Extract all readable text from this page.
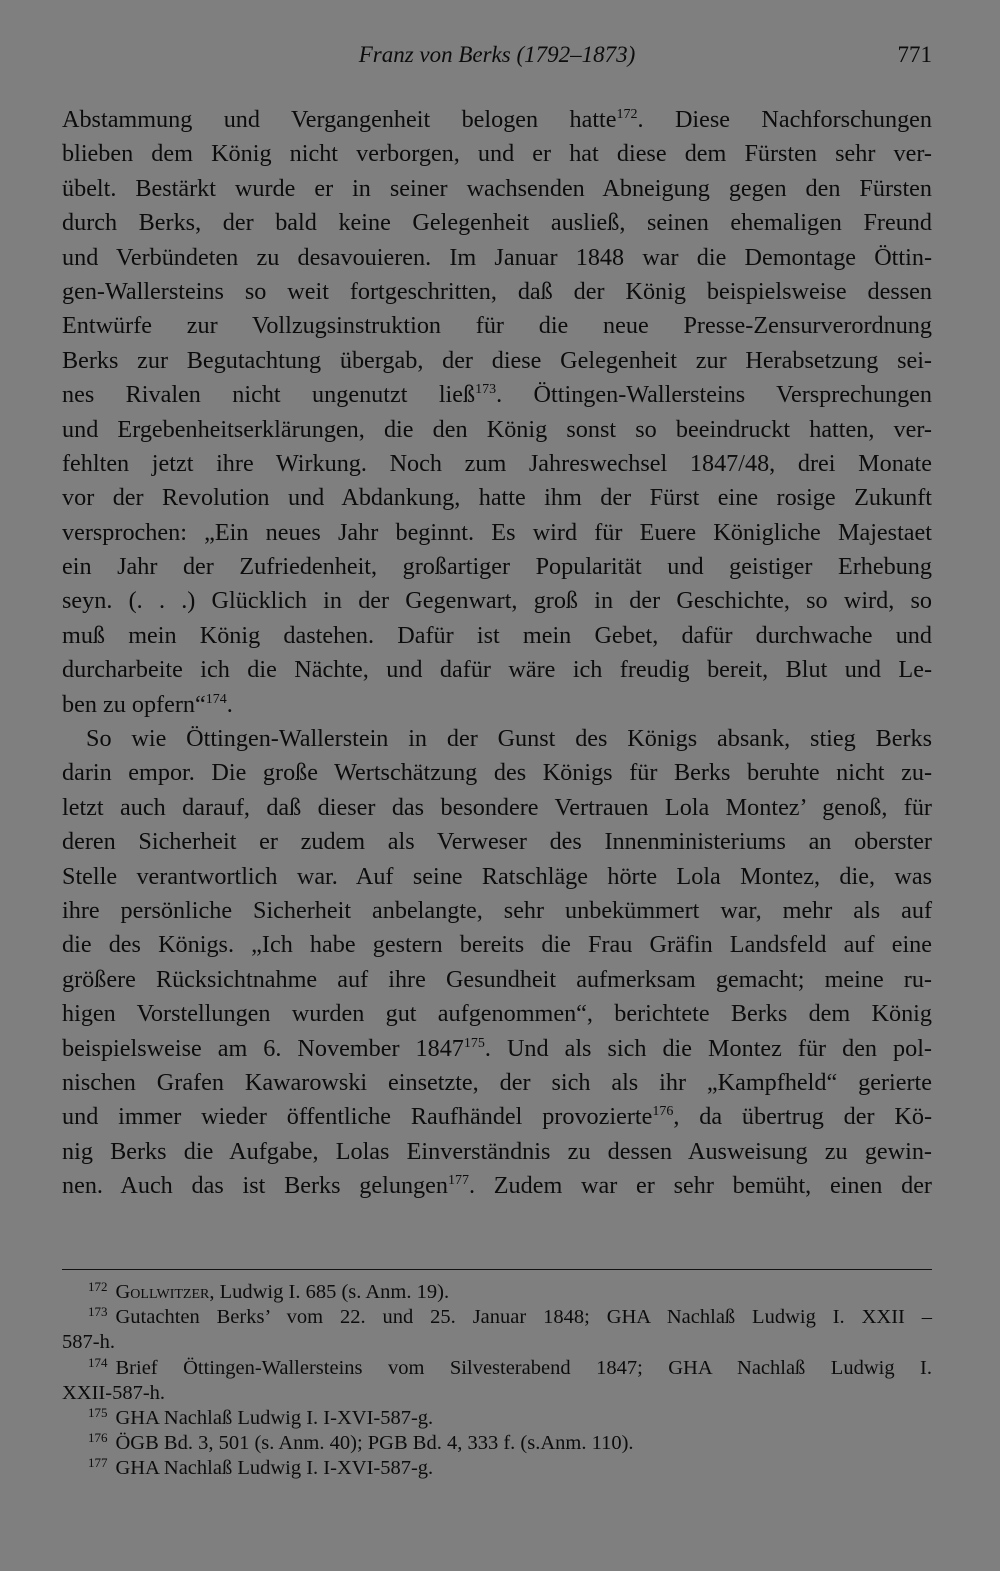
Franz von Berks (1792–1873)	771
Abstammung und Vergangenheit belogen hatte$^{172}$. Diese Nachforschungen
blieben dem König nicht verborgen, und er hat diese dem Fürsten sehr ver-
übelt. Bestärkt wurde er in seiner wachsenden Abneigung gegen den Fürsten
durch Berks, der bald keine Gelegenheit ausließ, seinen ehemaligen Freund
und Verbündeten zu desavouieren. Im Januar 1848 war die Demontage Öttin-
gen-Wallersteins so weit fortgeschritten, daß der König beispielsweise dessen
Entwürfe zur Vollzugsinstruktion für die neue Presse-Zensurverordnung
Berks zur Begutachtung übergab, der diese Gelegenheit zur Herabsetzung sei-
nes Rivalen nicht ungenutzt ließ$^{173}$. Öttingen-Wallersteins Versprechungen
und Ergebenheitserklärungen, die den König sonst so beeindruckt hatten, ver-
fehlten jetzt ihre Wirkung. Noch zum Jahreswechsel 1847/48, drei Monate
vor der Revolution und Abdankung, hatte ihm der Fürst eine rosige Zukunft
versprochen: „Ein neues Jahr beginnt. Es wird für Euere Königliche Majestaet
ein Jahr der Zufriedenheit, großartiger Popularität und geistiger Erhebung
seyn. (. . .) Glücklich in der Gegenwart, groß in der Geschichte, so wird, so
muß mein König dastehen. Dafür ist mein Gebet, dafür durchwache und
durcharbeite ich die Nächte, und dafür wäre ich freudig bereit, Blut und Le-
ben zu opfern“$^{174}$.
So wie Öttingen-Wallerstein in der Gunst des Königs absank, stieg Berks
darin empor. Die große Wertschätzung des Königs für Berks beruhte nicht zu-
letzt auch darauf, daß dieser das besondere Vertrauen Lola Montez’ genoß, für
deren Sicherheit er zudem als Verweser des Innenministeriums an oberster
Stelle verantwortlich war. Auf seine Ratschläge hörte Lola Montez, die, was
ihre persönliche Sicherheit anbelangte, sehr unbekümmert war, mehr als auf
die des Königs. „Ich habe gestern bereits die Frau Gräfin Landsfeld auf eine
größere Rücksichtnahme auf ihre Gesundheit aufmerksam gemacht; meine ru-
higen Vorstellungen wurden gut aufgenommen“, berichtete Berks dem König
beispielsweise am 6. November 1847$^{175}$. Und als sich die Montez für den pol-
nischen Grafen Kawarowski einsetzte, der sich als ihr „Kampfheld“ gerierte
und immer wieder öffentliche Raufhändel provozierte$^{176}$, da übertrug der Kö-
nig Berks die Aufgabe, Lolas Einverständnis zu dessen Ausweisung zu gewin-
nen. Auch das ist Berks gelungen$^{177}$. Zudem war er sehr bemüht, einen der
$^{172}$ Gollwitzer, Ludwig I. 685 (s. Anm. 19).
$^{173}$ Gutachten Berks’ vom 22. und 25. Januar 1848; GHA Nachlaß Ludwig I. XXII –
587-h.
$^{174}$ Brief Öttingen-Wallersteins vom Silvesterabend 1847; GHA Nachlaß Ludwig I.
XXII-587-h.
$^{175}$ GHA Nachlaß Ludwig I. I-XVI-587-g.
$^{176}$ ÖGB Bd. 3, 501 (s. Anm. 40); PGB Bd. 4, 333 f. (s.Anm. 110).
$^{177}$ GHA Nachlaß Ludwig I. I-XVI-587-g.
